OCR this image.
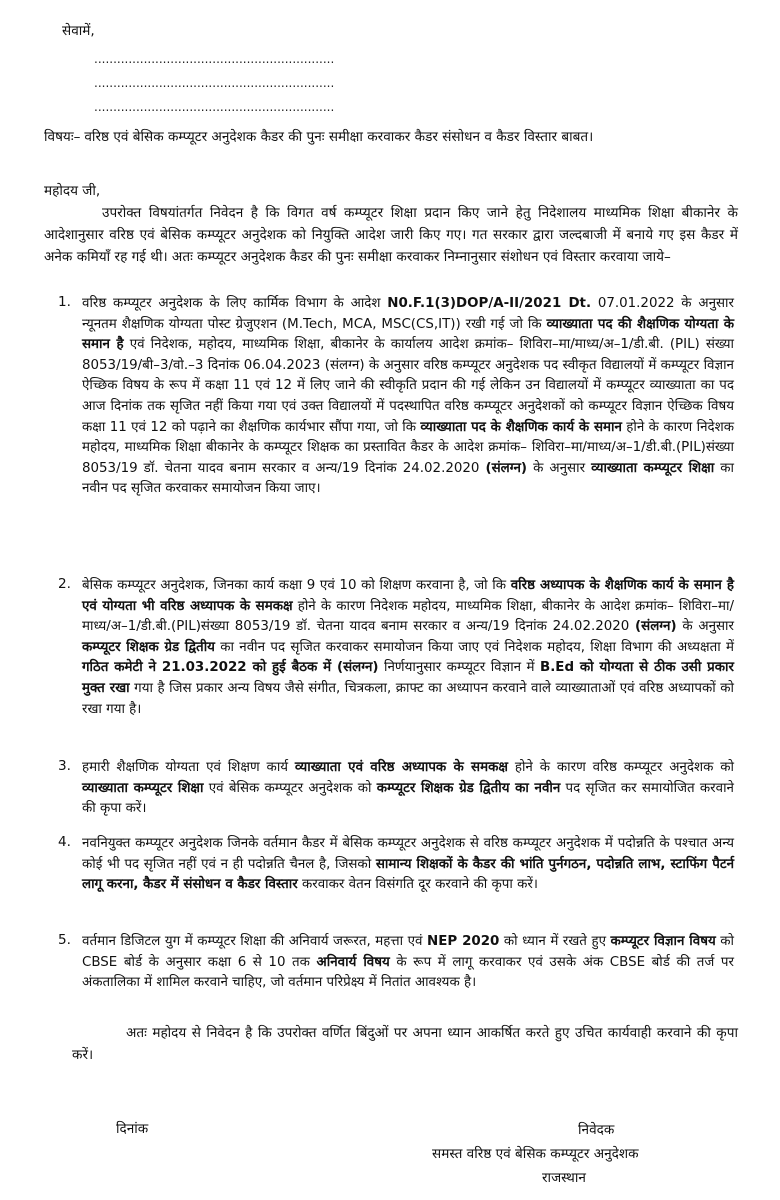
सेवामें,
...............................................................
...............................................................
...............................................................
विषयः– वरिष्ठ एवं बेसिक कम्प्यूटर अनुदेशक कैडर की पुनः समीक्षा करवाकर कैडर संसोधन व कैडर विस्तार बाबत।
महोदय जी,
उपरोक्त विषयांतर्गत निवेदन है कि विगत वर्ष कम्प्यूटर शिक्षा प्रदान किए जाने हेतु निदेशालय माध्यमिक शिक्षा बीकानेर के आदेशानुसार वरिष्ठ एवं बेसिक कम्प्यूटर अनुदेशक को नियुक्ति आदेश जारी किए गए। गत सरकार द्वारा जल्दबाजी में बनाये गए इस कैडर में अनेक कमियाँ रह गई थी। अतः कम्प्यूटर अनुदेशक कैडर की पुनः समीक्षा करवाकर निम्नानुसार संशोधन एवं विस्तार करवाया जाये–
1. वरिष्ठ कम्प्यूटर अनुदेशक के लिए कार्मिक विभाग के आदेश N0.F.1(3)DOP/A-II/2021 Dt. 07.01.2022 के अनुसार न्यूनतम शैक्षणिक योग्यता पोस्ट ग्रेजुएशन (M.Tech, MCA, MSC(CS,IT)) रखी गई जो कि व्याख्याता पद की शैक्षणिक योग्यता के समान है एवं निदेशक, महोदय, माध्यमिक शिक्षा, बीकानेर के कार्यालय आदेश क्रमांक– शिविरा–मा/माध्य/अ–1/डी.बी. (PIL) संख्या 8053/19/बी–3/वो.–3 दिनांक 06.04.2023 (संलग्न) के अनुसार वरिष्ठ कम्प्यूटर अनुदेशक पद स्वीकृत विद्यालयों में कम्प्यूटर विज्ञान ऐच्छिक विषय के रूप में कक्षा 11 एवं 12 में लिए जाने की स्वीकृति प्रदान की गई लेकिन उन विद्यालयों में कम्प्यूटर व्याख्याता का पद आज दिनांक तक सृजित नहीं किया गया एवं उक्त विद्यालयों में पदस्थापित वरिष्ठ कम्प्यूटर अनुदेशकों को कम्प्यूटर विज्ञान ऐच्छिक विषय कक्षा 11 एवं 12 को पढ़ाने का शैक्षणिक कार्यभार सौंपा गया, जो कि व्याख्याता पद के शैक्षणिक कार्य के समान होने के कारण निदेशक महोदय, माध्यमिक शिक्षा बीकानेर के कम्प्यूटर शिक्षक का प्रस्तावित कैडर के आदेश क्रमांक– शिविरा–मा/माध्य/अ–1/डी.बी.(PIL)संख्या 8053/19 डॉ. चेतना यादव बनाम सरकार व अन्य/19 दिनांक 24.02.2020 (संलग्न) के अनुसार व्याख्याता कम्प्यूटर शिक्षा का नवीन पद सृजित करवाकर समायोजन किया जाए।
2. बेसिक कम्प्यूटर अनुदेशक, जिनका कार्य कक्षा 9 एवं 10 को शिक्षण करवाना है, जो कि वरिष्ठ अध्यापक के शैक्षणिक कार्य के समान है एवं योग्यता भी वरिष्ठ अध्यापक के समकक्ष होने के कारण निदेशक महोदय, माध्यमिक शिक्षा, बीकानेर के आदेश क्रमांक– शिविरा–मा/माध्य/अ–1/डी.बी.(PIL)संख्या 8053/19 डॉ. चेतना यादव बनाम सरकार व अन्य/19 दिनांक 24.02.2020 (संलग्न) के अनुसार कम्प्यूटर शिक्षक ग्रेड द्वितीय का नवीन पद सृजित करवाकर समायोजन किया जाए एवं निदेशक महोदय, शिक्षा विभाग की अध्यक्षता में गठित कमेटी ने 21.03.2022 को हुई बैठक में (संलग्न) निर्णयानुसार कम्प्यूटर विज्ञान में B.Ed को योग्यता से ठीक उसी प्रकार मुक्त रखा गया है जिस प्रकार अन्य विषय जैसे संगीत, चित्रकला, क्राफ्ट का अध्यापन करवाने वाले व्याख्याताओं एवं वरिष्ठ अध्यापकों को रखा गया है।
3. हमारी शैक्षणिक योग्यता एवं शिक्षण कार्य व्याख्याता एवं वरिष्ठ अध्यापक के समकक्ष होने के कारण वरिष्ठ कम्प्यूटर अनुदेशक को व्याख्याता कम्प्यूटर शिक्षा एवं बेसिक कम्प्यूटर अनुदेशक को कम्प्यूटर शिक्षक ग्रेड द्वितीय का नवीन पद सृजित कर समायोजित करवाने की कृपा करें।
4. नवनियुक्त कम्प्यूटर अनुदेशक जिनके वर्तमान कैडर में बेसिक कम्प्यूटर अनुदेशक से वरिष्ठ कम्प्यूटर अनुदेशक में पदोन्नति के पश्चात अन्य कोई भी पद सृजित नहीं एवं न ही पदोन्नति चैनल है, जिसको सामान्य शिक्षकों के कैडर की भांति पुर्नगठन, पदोन्नति लाभ, स्टाफिंग पैटर्न लागू करना, कैडर में संसोधन व कैडर विस्तार करवाकर वेतन विसंगति दूर करवाने की कृपा करें।
5. वर्तमान डिजिटल युग में कम्प्यूटर शिक्षा की अनिवार्य जरूरत, महत्ता एवं NEP 2020 को ध्यान में रखते हुए कम्प्यूटर विज्ञान विषय को CBSE बोर्ड के अनुसार कक्षा 6 से 10 तक अनिवार्य विषय के रूप में लागू करवाकर एवं उसके अंक CBSE बोर्ड की तर्ज पर अंकतालिका में शामिल करवाने चाहिए, जो वर्तमान परिप्रेक्ष्य में नितांत आवश्यक है।
अतः महोदय से निवेदन है कि उपरोक्त वर्णित बिंदुओं पर अपना ध्यान आकर्षित करते हुए उचित कार्यवाही करवाने की कृपा करें।
दिनांक	निवेदक
समस्त वरिष्ठ एवं बेसिक कम्प्यूटर अनुदेशक
राजस्थान
